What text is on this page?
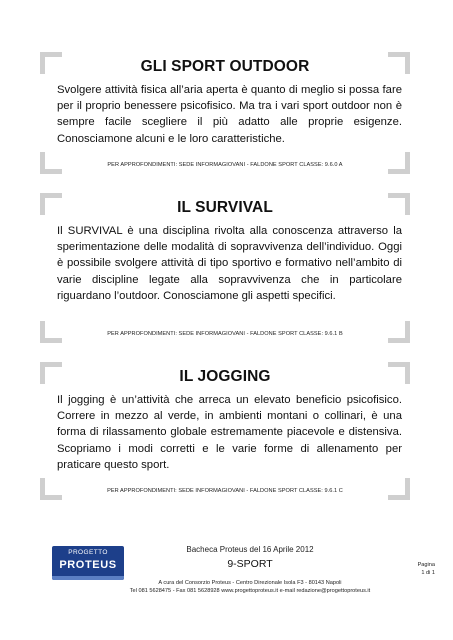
GLI SPORT OUTDOOR
Svolgere attività fisica all’aria aperta è quanto di meglio si possa fare per il proprio benessere psicofisico. Ma tra i vari sport outdoor non è sempre facile scegliere il più adatto alle proprie esigenze. Conosciamone alcuni e le loro caratteristiche.
PER APPROFONDIMENTI: SEDE INFORMAGIOVANI - FALDONE SPORT CLASSE: 9.6.0 A
IL SURVIVAL
Il SURVIVAL è una disciplina rivolta alla conoscenza attraverso la sperimentazione delle modalità di sopravvivenza dell’individuo. Oggi è possibile svolgere attività di tipo sportivo e formativo nell’ambito di varie discipline legate alla sopravvivenza che in particolare riguardano l’outdoor. Conosciamone gli aspetti specifici.
PER APPROFONDIMENTI: SEDE INFORMAGIOVANI - FALDONE SPORT CLASSE: 9.6.1 B
IL JOGGING
Il jogging è un’attività che arreca un elevato beneficio psicofisico. Correre in mezzo al verde, in ambienti montani o collinari, è una forma di rilassamento globale estremamente piacevole e distensiva. Scopriamo i modi corretti e le varie forme di allenamento per praticare questo sport.
PER APPROFONDIMENTI: SEDE INFORMAGIOVANI - FALDONE SPORT CLASSE: 9.6.1 C
PROGETTO
PROTEUS
Bacheca Proteus del 16 Aprile 2012
9-SPORT
A cura del Consorzio Proteus - Centro Direzionale Isola F3 - 80143 Napoli
Tel 081 5628475 - Fax 081 5628928 www.progettoproteus.it e-mail redazione@progettoproteus.it
Pagina
1 di 1
